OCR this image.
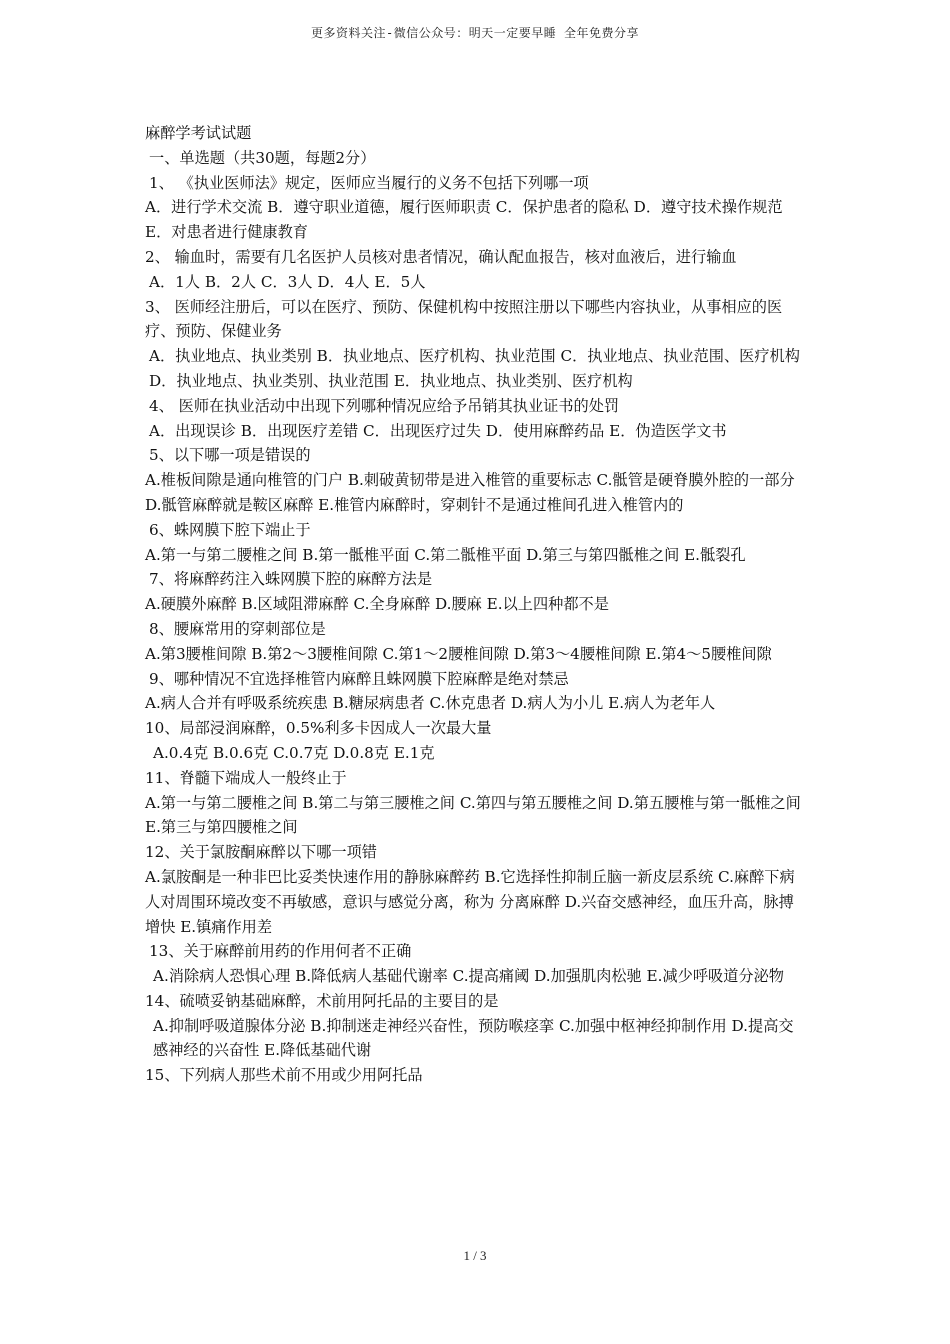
更多资料关注-微信公众号：明天一定要早睡 全年免费分享
麻醉学考试试题
一、单选题（共30题，每题2分）
1、 《执业医师法》规定，医师应当履行的义务不包括下列哪一项
A．进行学术交流 B．遵守职业道德，履行医师职责 C．保护患者的隐私 D．遵守技术操作规范 E．对患者进行健康教育
2、 输血时，需要有几名医护人员核对患者情况，确认配血报告，核对血液后，进行输血
A．1人 B．2人 C．3人 D．4人 E．5人
3、 医师经注册后，可以在医疗、预防、保健机构中按照注册以下哪些内容执业，从事相应的医疗、预防、保健业务
A．执业地点、执业类别 B．执业地点、医疗机构、执业范围 C．执业地点、执业范围、医疗机构 D．执业地点、执业类别、执业范围 E．执业地点、执业类别、医疗机构
4、 医师在执业活动中出现下列哪种情况应给予吊销其执业证书的处罚
A．出现误诊 B．出现医疗差错 C．出现医疗过失 D．使用麻醉药品 E．伪造医学文书
5、以下哪一项是错误的
A.椎板间隙是通向椎管的门户 B.刺破黄韧带是进入椎管的重要标志 C.骶管是硬脊膜外腔的一部分 D.骶管麻醉就是鞍区麻醉 E.椎管内麻醉时，穿刺针不是通过椎间孔进入椎管内的
6、蛛网膜下腔下端止于
A.第一与第二腰椎之间 B.第一骶椎平面 C.第二骶椎平面 D.第三与第四骶椎之间 E.骶裂孔
7、将麻醉药注入蛛网膜下腔的麻醉方法是
A.硬膜外麻醉 B.区域阻滞麻醉 C.全身麻醉 D.腰麻 E.以上四种都不是
8、腰麻常用的穿刺部位是
A.第3腰椎间隙 B.第2～3腰椎间隙 C.第1～2腰椎间隙 D.第3～4腰椎间隙 E.第4～5腰椎间隙
9、哪种情况不宜选择椎管内麻醉且蛛网膜下腔麻醉是绝对禁忌
A.病人合并有呼吸系统疾患 B.糖尿病患者 C.休克患者 D.病人为小儿 E.病人为老年人
10、局部浸润麻醉，0.5%利多卡因成人一次最大量
A.0.4克 B.0.6克 C.0.7克 D.0.8克 E.1克
11、脊髓下端成人一般终止于
A.第一与第二腰椎之间 B.第二与第三腰椎之间 C.第四与第五腰椎之间 D.第五腰椎与第一骶椎之间 E.第三与第四腰椎之间
12、关于氯胺酮麻醉以下哪一项错
A.氯胺酮是一种非巴比妥类快速作用的静脉麻醉药 B.它选择性抑制丘脑一新皮层系统 C.麻醉下病人对周围环境改变不再敏感，意识与感觉分离，称为 分离麻醉 D.兴奋交感神经，血压升高，脉搏增快 E.镇痛作用差
13、关于麻醉前用药的作用何者不正确
A.消除病人恐惧心理 B.降低病人基础代谢率 C.提高痛阈 D.加强肌肉松驰 E.减少呼吸道分泌物
14、硫喷妥钠基础麻醉，术前用阿托品的主要目的是
A.抑制呼吸道腺体分泌 B.抑制迷走神经兴奋性，预防喉痉挛 C.加强中枢神经抑制作用 D.提高交感神经的兴奋性 E.降低基础代谢
15、下列病人那些术前不用或少用阿托品
1 / 3
